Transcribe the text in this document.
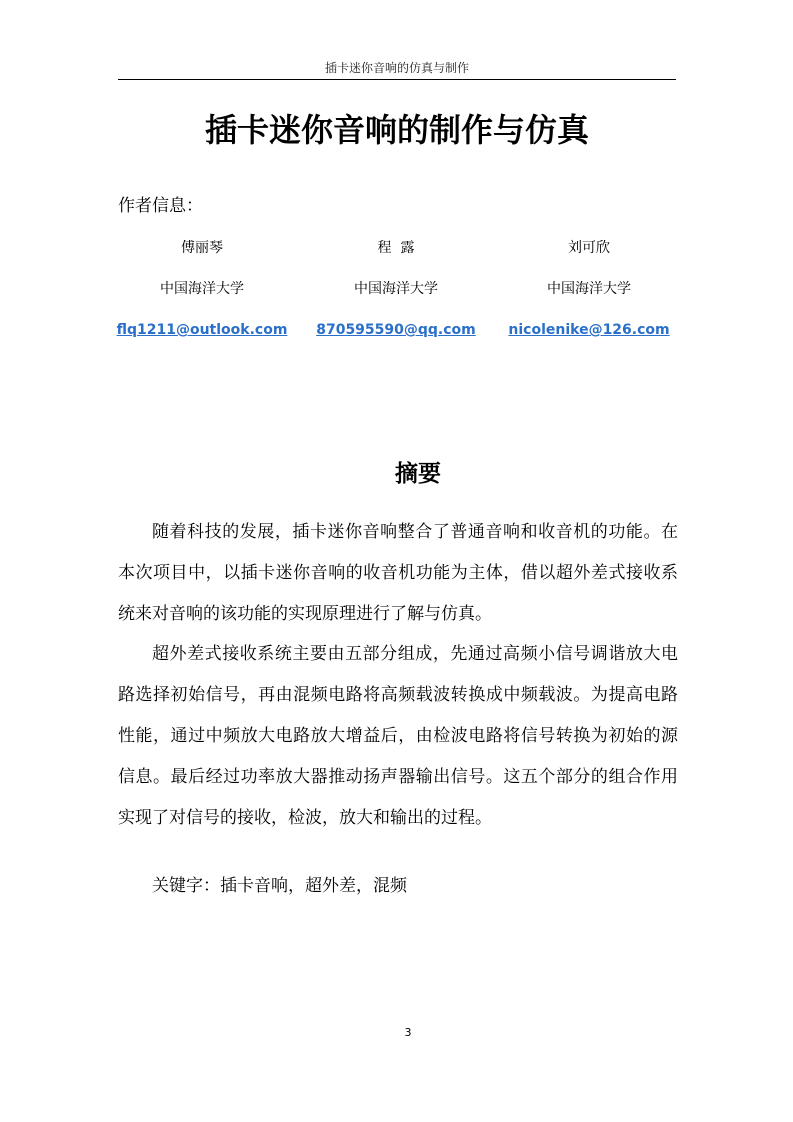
插卡迷你音响的仿真与制作
插卡迷你音响的制作与仿真
作者信息：
傅丽琴
中国海洋大学
flq1211@outlook.com
程  露
中国海洋大学
870595590@qq.com
刘可欣
中国海洋大学
nicolenike@126.com
摘要

随着科技的发展，插卡迷你音响整合了普通音响和收音机的功能。在本次项目中，以插卡迷你音响的收音机功能为主体，借以超外差式接收系统来对音响的该功能的实现原理进行了解与仿真。

超外差式接收系统主要由五部分组成，先通过高频小信号调谐放大电路选择初始信号，再由混频电路将高频载波转换成中频载波。为提高电路性能，通过中频放大电路放大增益后，由检波电路将信号转换为初始的源信息。最后经过功率放大器推动扬声器输出信号。这五个部分的组合作用实现了对信号的接收，检波，放大和输出的过程。

关键字：插卡音响，超外差，混频

3
